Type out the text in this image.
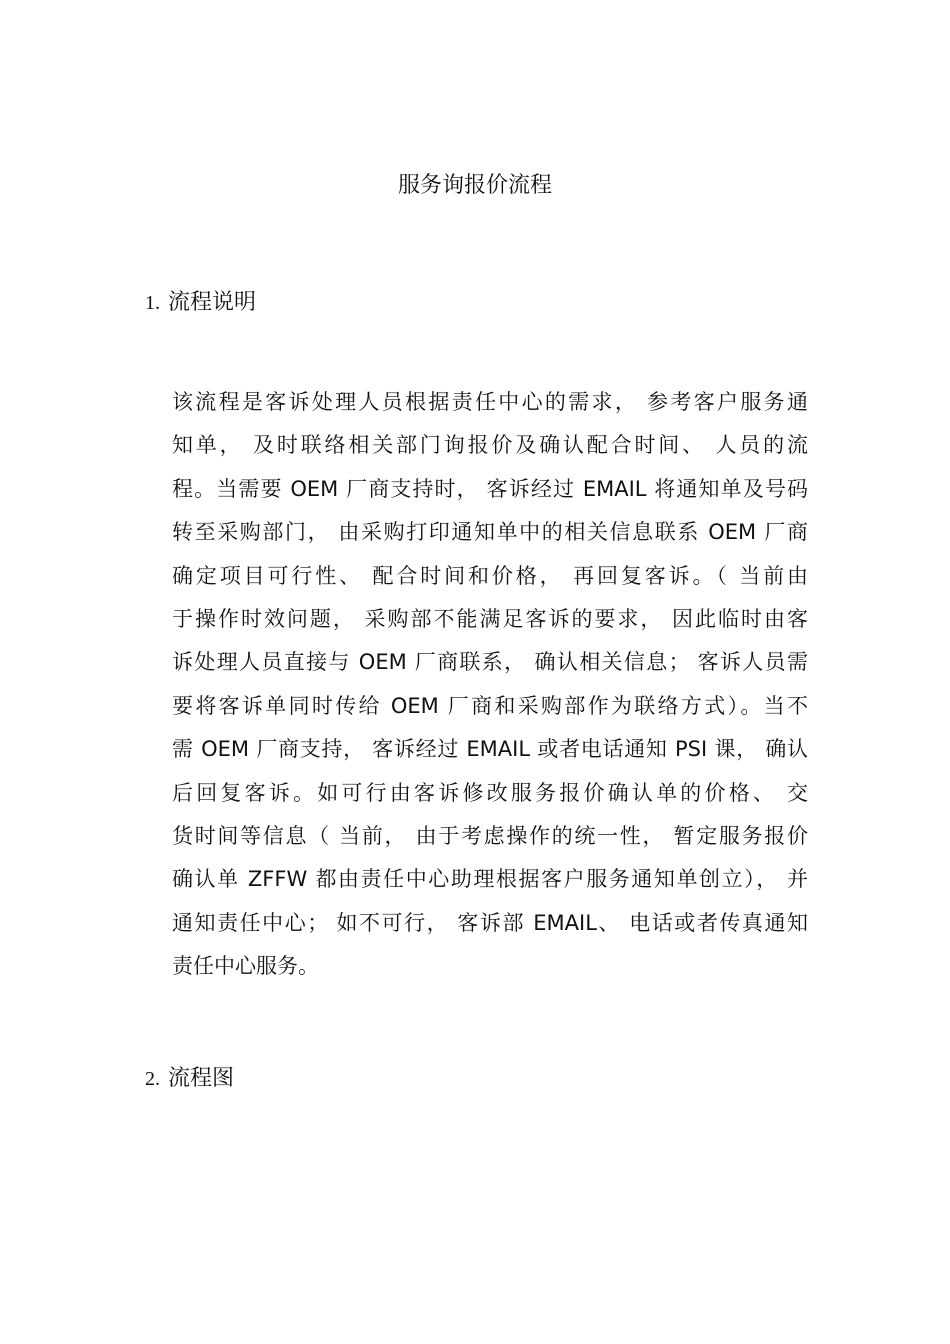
服务询报价流程
1. 流程说明
该流程是客诉处理人员根据责任中心的需求， 参考客户服务通
知单， 及时联络相关部门询报价及确认配合时间、 人员的流
程。当需要 OEM 厂商支持时， 客诉经过 EMAIL 将通知单及号码
转至采购部门， 由采购打印通知单中的相关信息联系 OEM 厂商
确定项目可行性、 配合时间和价格， 再回复客诉。（ 当前由
于操作时效问题， 采购部不能满足客诉的要求， 因此临时由客
诉处理人员直接与 OEM 厂商联系， 确认相关信息； 客诉人员需
要将客诉单同时传给 OEM 厂商和采购部作为联络方式）。当不
需 OEM 厂商支持， 客诉经过 EMAIL 或者电话通知 PSI 课， 确认
后回复客诉。如可行由客诉修改服务报价确认单的价格、 交
货时间等信息（ 当前， 由于考虑操作的统一性， 暂定服务报价
确认单 ZFFW 都由责任中心助理根据客户服务通知单创立）， 并
通知责任中心； 如不可行， 客诉部 EMAIL、 电话或者传真通知
责任中心服务。
2. 流程图
